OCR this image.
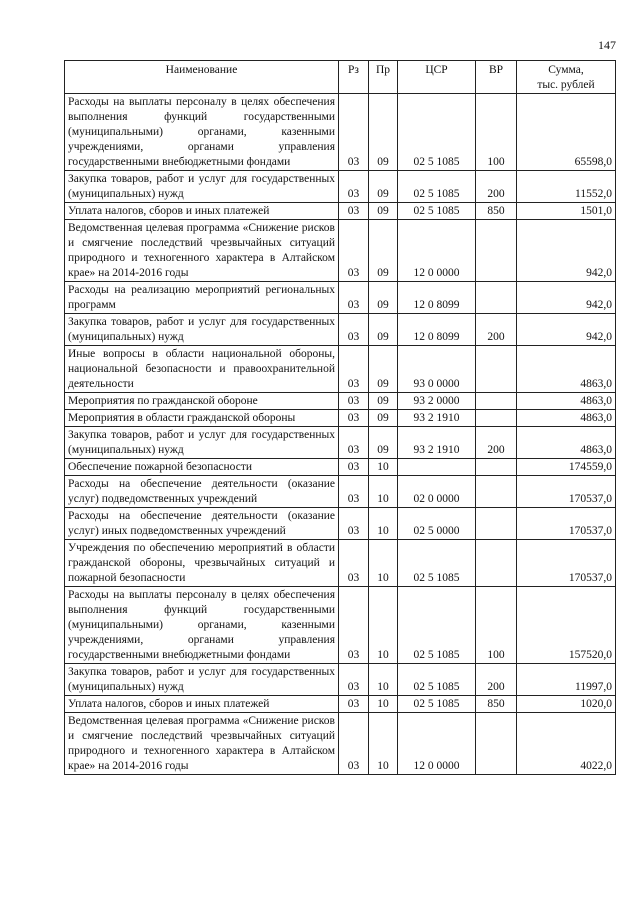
147
Наименование	Рз	Пр	ЦСР	ВР	Сумма,
тыс. рублей
Расходы на выплаты персоналу в целях обеспечения выполнения функций государственными (муниципальными) органами, казенными учреждениями, органами управления государственными внебюджетными фондами	03	09	02 5 1085	100	65598,0
Закупка товаров, работ и услуг для государственных (муниципальных) нужд	03	09	02 5 1085	200	11552,0
Уплата налогов, сборов и иных платежей	03	09	02 5 1085	850	1501,0
Ведомственная целевая программа «Снижение рисков и смягчение последствий чрезвычайных ситуаций природного и техногенного характера в Алтайском крае» на 2014-2016 годы	03	09	12 0 0000		942,0
Расходы на реализацию мероприятий региональных программ	03	09	12 0 8099		942,0
Закупка товаров, работ и услуг для государственных (муниципальных) нужд	03	09	12 0 8099	200	942,0
Иные вопросы в области национальной обороны, национальной безопасности и правоохранительной деятельности	03	09	93 0 0000		4863,0
Мероприятия по гражданской обороне	03	09	93 2 0000		4863,0
Мероприятия в области гражданской обороны	03	09	93 2 1910		4863,0
Закупка товаров, работ и услуг для государственных (муниципальных) нужд	03	09	93 2 1910	200	4863,0
Обеспечение пожарной безопасности	03	10			174559,0
Расходы на обеспечение деятельности (оказание услуг) подведомственных учреждений	03	10	02 0 0000		170537,0
Расходы на обеспечение деятельности (оказание услуг) иных подведомственных учреждений	03	10	02 5 0000		170537,0
Учреждения по обеспечению мероприятий в области гражданской обороны, чрезвычайных ситуаций и пожарной безопасности	03	10	02 5 1085		170537,0
Расходы на выплаты персоналу в целях обеспечения выполнения функций государственными (муниципальными) органами, казенными учреждениями, органами управления государственными внебюджетными фондами	03	10	02 5 1085	100	157520,0
Закупка товаров, работ и услуг для государственных (муниципальных) нужд	03	10	02 5 1085	200	11997,0
Уплата налогов, сборов и иных платежей	03	10	02 5 1085	850	1020,0
Ведомственная целевая программа «Снижение рисков и смягчение последствий чрезвычайных ситуаций природного и техногенного характера в Алтайском крае» на 2014-2016 годы	03	10	12 0 0000		4022,0
